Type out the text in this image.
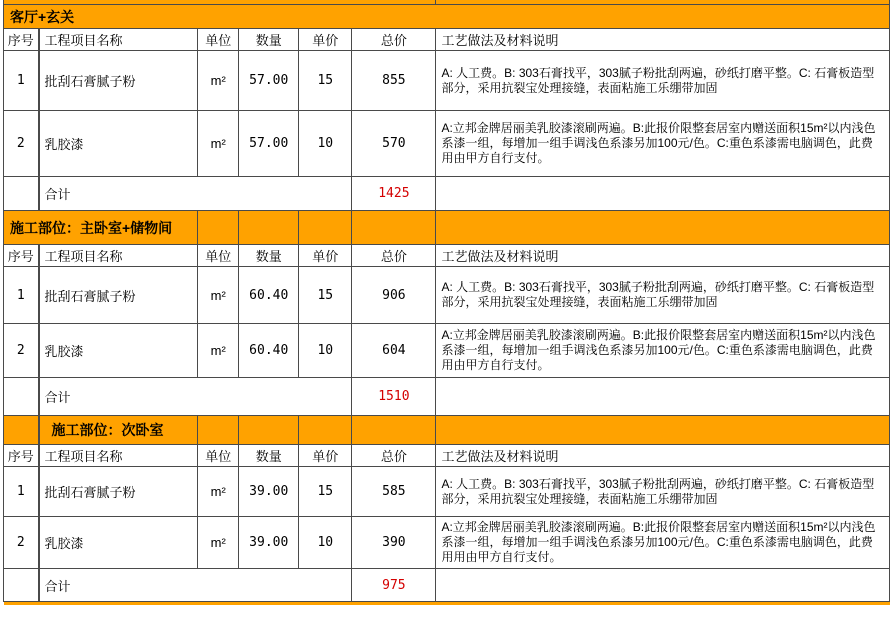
客厅+玄关						
序号	工程项目名称	单位	数量	单价	总价	工艺做法及材料说明
1	批刮石膏腻子粉	m²	57.00	15	855	A: 人工费。B: 303石膏找平，303腻子粉批刮两遍，砂纸打磨平整。C: 石膏板造型部分，采用抗裂宝处理接缝，表面粘施工乐绷带加固
2	乳胶漆	m²	57.00	10	570	A:立邦金牌居丽美乳胶漆滚刷两遍。B:此报价限整套居室内赠送面积15m²以内浅色系漆一组，每增加一组手调浅色系漆另加100元/色。C:重色系漆需电脑调色，此费用由甲方自行支付。
	合计				1425	
施工部位：主卧室+储物间						
序号	工程项目名称	单位	数量	单价	总价	工艺做法及材料说明
1	批刮石膏腻子粉	m²	60.40	15	906	A: 人工费。B: 303石膏找平，303腻子粉批刮两遍，砂纸打磨平整。C: 石膏板造型部分，采用抗裂宝处理接缝，表面粘施工乐绷带加固
2	乳胶漆	m²	60.40	10	604	A:立邦金牌居丽美乳胶漆滚刷两遍。B:此报价限整套居室内赠送面积15m²以内浅色系漆一组，每增加一组手调浅色系漆另加100元/色。C:重色系漆需电脑调色，此费用由甲方自行支付。
	合计				1510	
	施工部位：次卧室					
序号	工程项目名称	单位	数量	单价	总价	工艺做法及材料说明
1	批刮石膏腻子粉	m²	39.00	15	585	A: 人工费。B: 303石膏找平，303腻子粉批刮两遍，砂纸打磨平整。C: 石膏板造型部分，采用抗裂宝处理接缝，表面粘施工乐绷带加固
2	乳胶漆	m²	39.00	10	390	A:立邦金牌居丽美乳胶漆滚刷两遍。B:此报价限整套居室内赠送面积15m²以内浅色系漆一组，每增加一组手调浅色系漆另加100元/色。C:重色系漆需电脑调色，此费用用由甲方自行支付。
	合计				975	
